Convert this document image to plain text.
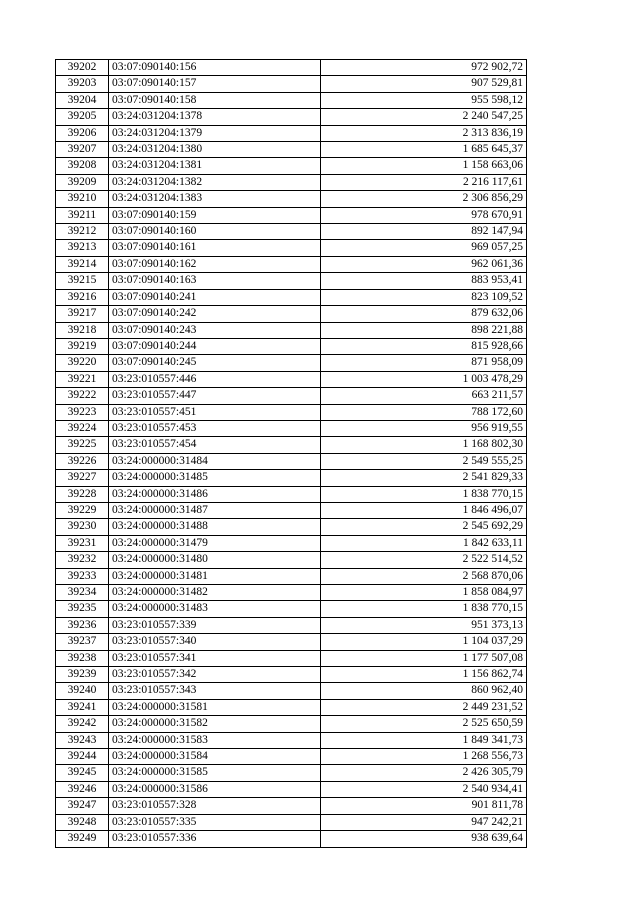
39202	03:07:090140:156	972 902,72
39203	03:07:090140:157	907 529,81
39204	03:07:090140:158	955 598,12
39205	03:24:031204:1378	2 240 547,25
39206	03:24:031204:1379	2 313 836,19
39207	03:24:031204:1380	1 685 645,37
39208	03:24:031204:1381	1 158 663,06
39209	03:24:031204:1382	2 216 117,61
39210	03:24:031204:1383	2 306 856,29
39211	03:07:090140:159	978 670,91
39212	03:07:090140:160	892 147,94
39213	03:07:090140:161	969 057,25
39214	03:07:090140:162	962 061,36
39215	03:07:090140:163	883 953,41
39216	03:07:090140:241	823 109,52
39217	03:07:090140:242	879 632,06
39218	03:07:090140:243	898 221,88
39219	03:07:090140:244	815 928,66
39220	03:07:090140:245	871 958,09
39221	03:23:010557:446	1 003 478,29
39222	03:23:010557:447	663 211,57
39223	03:23:010557:451	788 172,60
39224	03:23:010557:453	956 919,55
39225	03:23:010557:454	1 168 802,30
39226	03:24:000000:31484	2 549 555,25
39227	03:24:000000:31485	2 541 829,33
39228	03:24:000000:31486	1 838 770,15
39229	03:24:000000:31487	1 846 496,07
39230	03:24:000000:31488	2 545 692,29
39231	03:24:000000:31479	1 842 633,11
39232	03:24:000000:31480	2 522 514,52
39233	03:24:000000:31481	2 568 870,06
39234	03:24:000000:31482	1 858 084,97
39235	03:24:000000:31483	1 838 770,15
39236	03:23:010557:339	951 373,13
39237	03:23:010557:340	1 104 037,29
39238	03:23:010557:341	1 177 507,08
39239	03:23:010557:342	1 156 862,74
39240	03:23:010557:343	860 962,40
39241	03:24:000000:31581	2 449 231,52
39242	03:24:000000:31582	2 525 650,59
39243	03:24:000000:31583	1 849 341,73
39244	03:24:000000:31584	1 268 556,73
39245	03:24:000000:31585	2 426 305,79
39246	03:24:000000:31586	2 540 934,41
39247	03:23:010557:328	901 811,78
39248	03:23:010557:335	947 242,21
39249	03:23:010557:336	938 639,64
